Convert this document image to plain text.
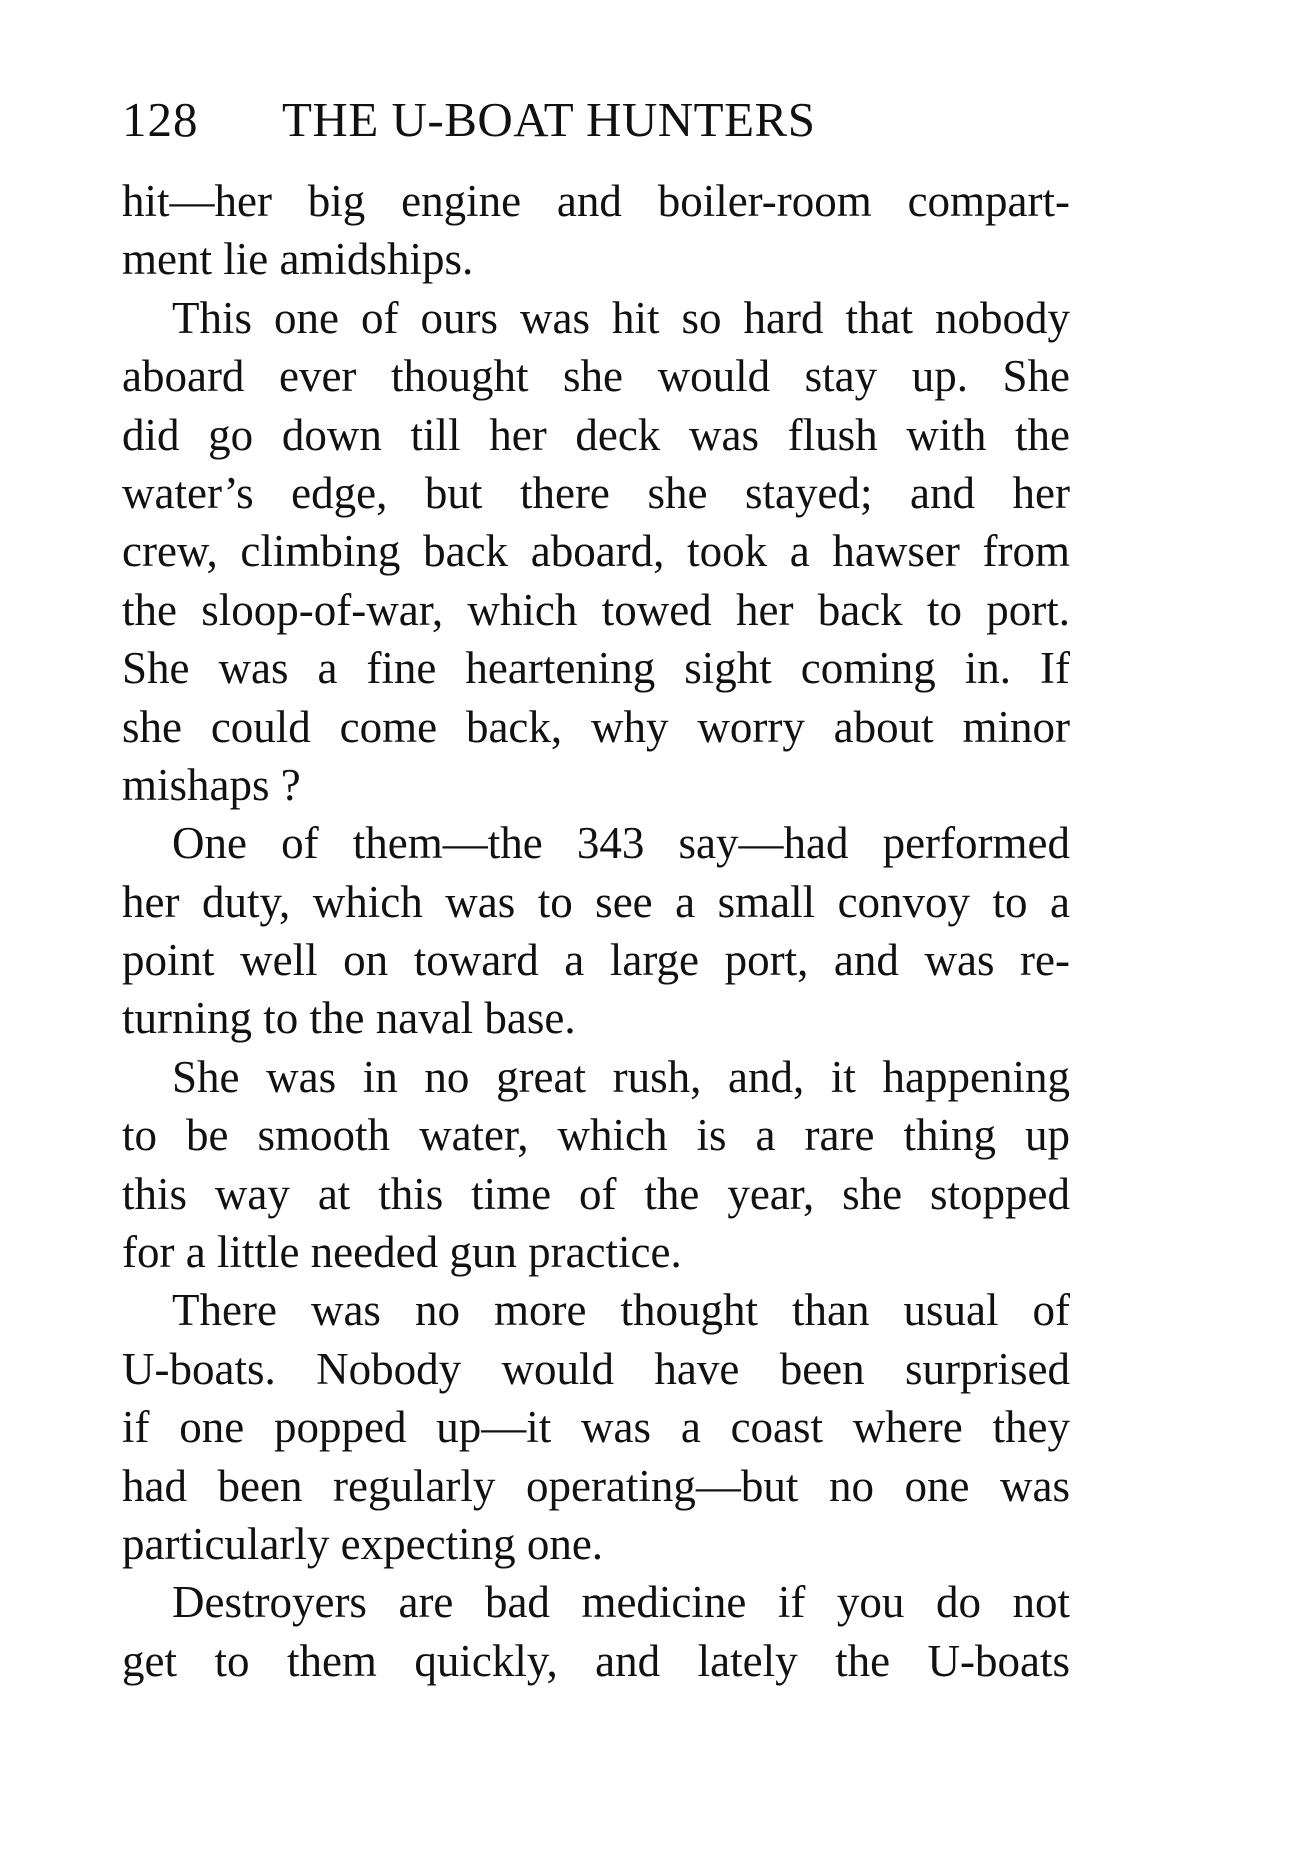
128 THE U-BOAT HUNTERS
hit—her big engine and boiler-room compart-
ment lie amidships.
This one of ours was hit so hard that nobody
aboard ever thought she would stay up. She
did go down till her deck was flush with the
water’s edge, but there she stayed; and her
crew, climbing back aboard, took a hawser from
the sloop-of-war, which towed her back to port.
She was a fine heartening sight coming in. If
she could come back, why worry about minor
mishaps ?
One of them—the 343 say—had performed
her duty, which was to see a small convoy to a
point well on toward a large port, and was re-
turning to the naval base.
She was in no great rush, and, it happening
to be smooth water, which is a rare thing up
this way at this time of the year, she stopped
for a little needed gun practice.
There was no more thought than usual of
U-boats. Nobody would have been surprised
if one popped up—it was a coast where they
had been regularly operating—but no one was
particularly expecting one.
Destroyers are bad medicine if you do not
get to them quickly, and lately the U-boats
